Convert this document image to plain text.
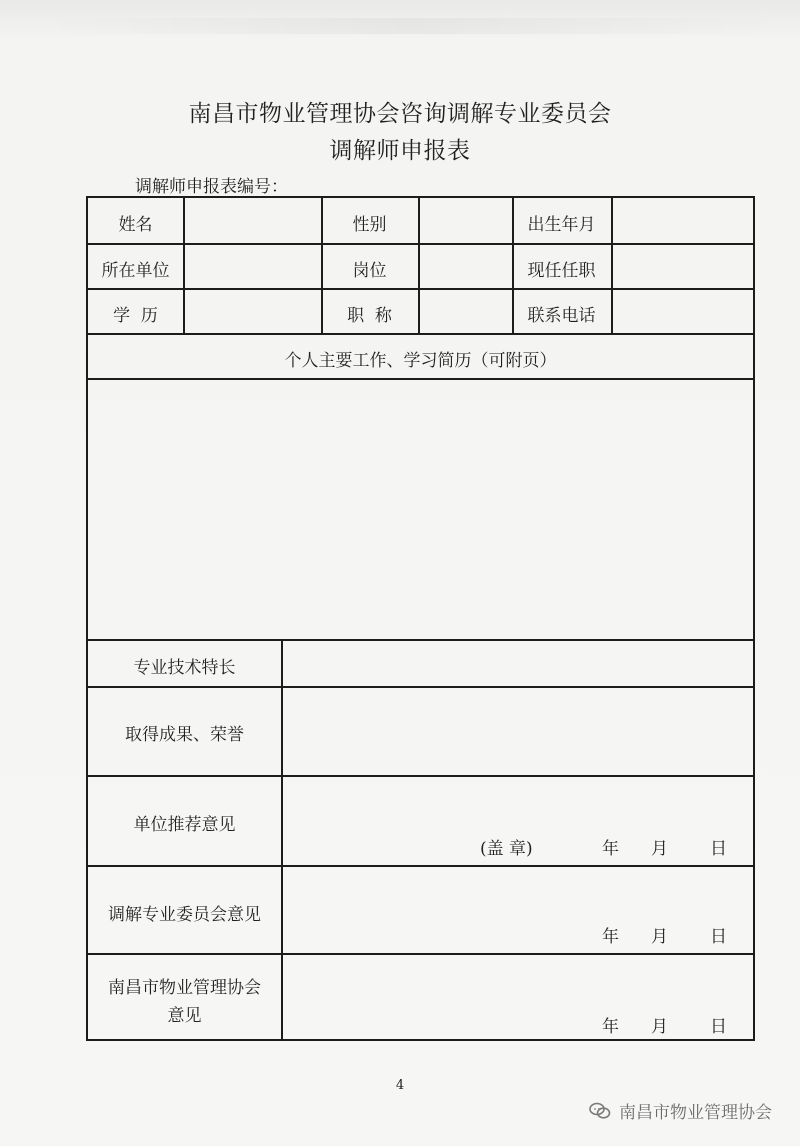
南昌市物业管理协会咨询调解专业委员会
调解师申报表
调解师申报表编号：
姓名	性别	出生年月
所在单位	岗位	现任任职
学  历	职  称	联系电话
个人主要工作、学习简历（可附页）
专业技术特长
取得成果、荣誉
单位推荐意见
(盖 章)	年 月 日
调解专业委员会意见
年 月 日
南昌市物业管理协会
意见
年 月 日
4
南昌市物业管理协会
